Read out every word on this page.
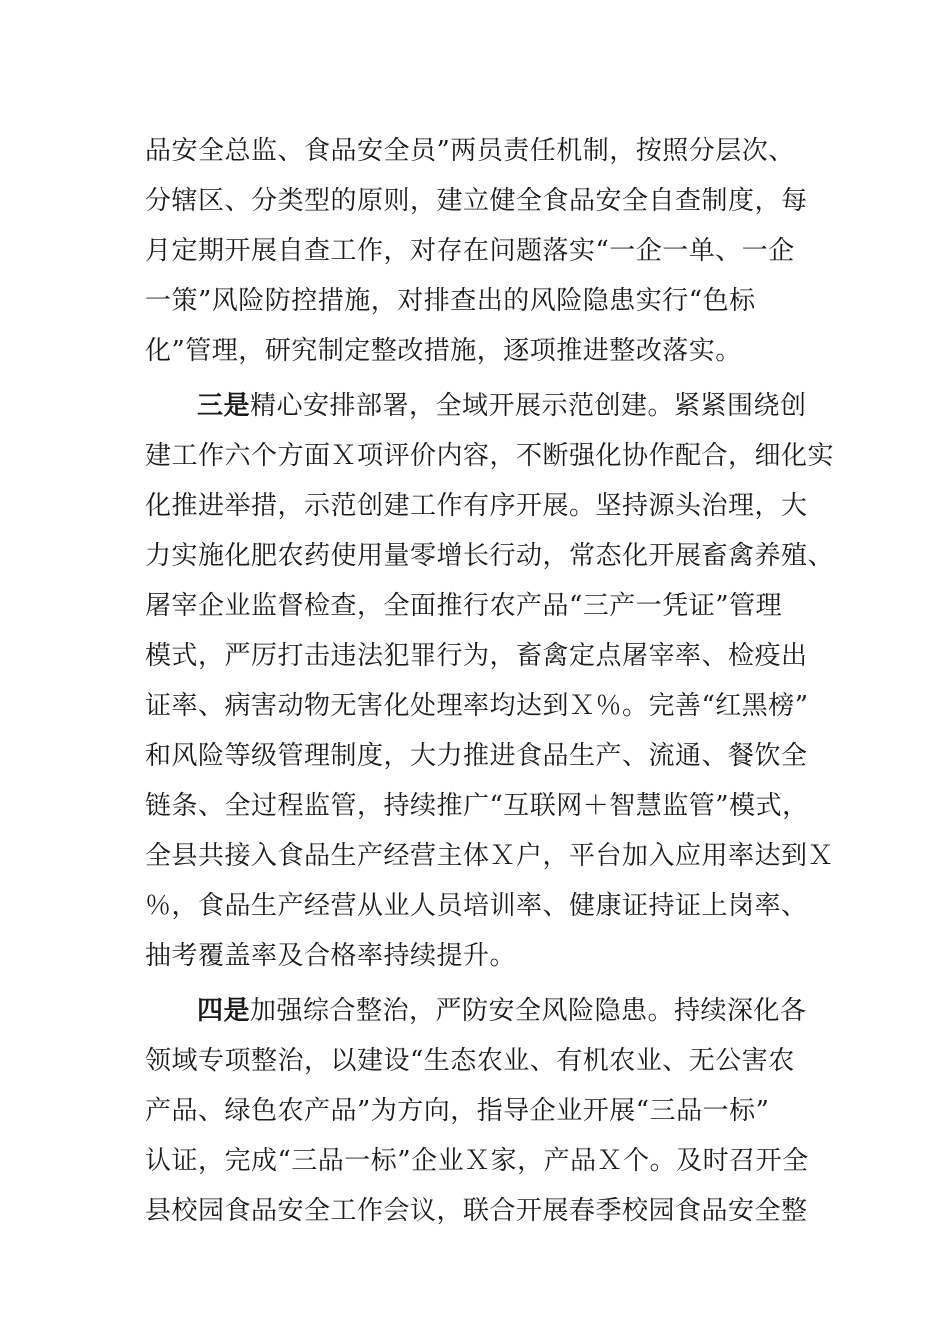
品安全总监、食品安全员”两员责任机制，按照分层次、
分辖区、分类型的原则，建立健全食品安全自查制度，每
月定期开展自查工作，对存在问题落实“一企一单、一企
一策”风险防控措施，对排查出的风险隐患实行“色标
化”管理，研究制定整改措施，逐项推进整改落实。
三是精心安排部署，全域开展示范创建。紧紧围绕创
建工作六个方面Ｘ项评价内容，不断强化协作配合，细化实
化推进举措，示范创建工作有序开展。坚持源头治理，大
力实施化肥农药使用量零增长行动，常态化开展畜禽养殖、
屠宰企业监督检查，全面推行农产品“三产一凭证”管理
模式，严厉打击违法犯罪行为，畜禽定点屠宰率、检疫出
证率、病害动物无害化处理率均达到Ｘ％。完善“红黑榜”
和风险等级管理制度，大力推进食品生产、流通、餐饮全
链条、全过程监管，持续推广“互联网＋智慧监管”模式，
全县共接入食品生产经营主体Ｘ户，平台加入应用率达到Ｘ
％，食品生产经营从业人员培训率、健康证持证上岗率、
抽考覆盖率及合格率持续提升。
四是加强综合整治，严防安全风险隐患。持续深化各
领域专项整治，以建设“生态农业、有机农业、无公害农
产品、绿色农产品”为方向，指导企业开展“三品一标”
认证，完成“三品一标”企业Ｘ家，产品Ｘ个。及时召开全
县校园食品安全工作会议，联合开展春季校园食品安全整
